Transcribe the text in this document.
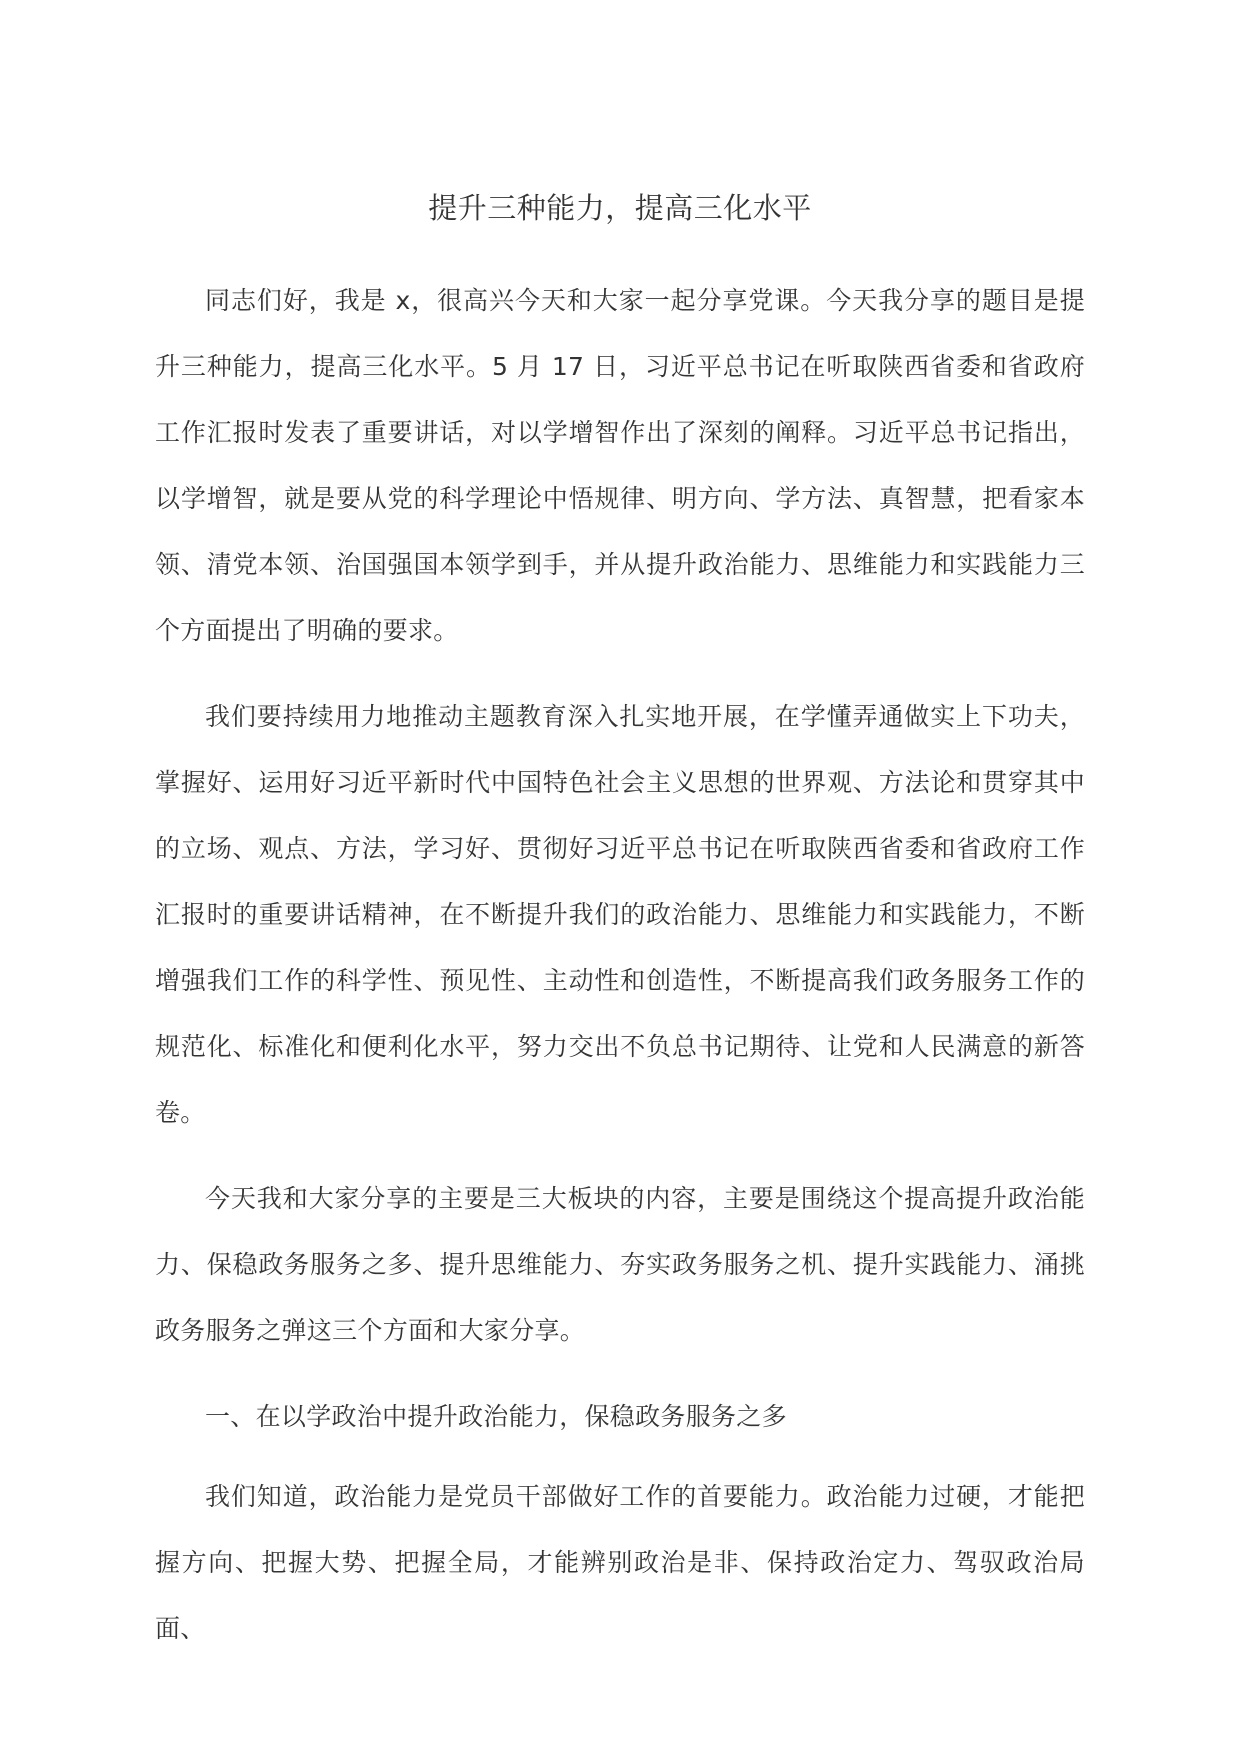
提升三种能力，提高三化水平

同志们好，我是 x，很高兴今天和大家一起分享党课。今天我分享的题目是提升三种能力，提高三化水平。5 月 17 日，习近平总书记在听取陕西省委和省政府工作汇报时发表了重要讲话，对以学增智作出了深刻的阐释。习近平总书记指出，以学增智，就是要从党的科学理论中悟规律、明方向、学方法、真智慧，把看家本领、清党本领、治国强国本领学到手，并从提升政治能力、思维能力和实践能力三个方面提出了明确的要求。

我们要持续用力地推动主题教育深入扎实地开展，在学懂弄通做实上下功夫，掌握好、运用好习近平新时代中国特色社会主义思想的世界观、方法论和贯穿其中的立场、观点、方法，学习好、贯彻好习近平总书记在听取陕西省委和省政府工作汇报时的重要讲话精神，在不断提升我们的政治能力、思维能力和实践能力，不断增强我们工作的科学性、预见性、主动性和创造性，不断提高我们政务服务工作的规范化、标准化和便利化水平，努力交出不负总书记期待、让党和人民满意的新答卷。

今天我和大家分享的主要是三大板块的内容，主要是围绕这个提高提升政治能力、保稳政务服务之多、提升思维能力、夯实政务服务之机、提升实践能力、涌挑政务服务之弹这三个方面和大家分享。

一、在以学政治中提升政治能力，保稳政务服务之多

我们知道，政治能力是党员干部做好工作的首要能力。政治能力过硬，才能把握方向、把握大势、把握全局，才能辨别政治是非、保持政治定力、驾驭政治局面、
